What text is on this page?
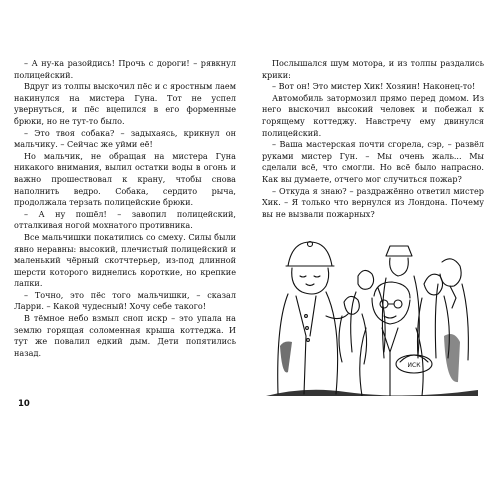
– А ну-ка разойдись! Прочь с дороги! – рявкнул полицейский.

Вдруг из толпы выскочил пёс и с яростным лаем накинулся на мистера Гуна. Тот не успел увернуться, и пёс вцепился в его форменные брюки, но не тут-то было.

– Это твоя собака? – задыхаясь, крикнул он мальчику. – Сейчас же уйми её!

Но мальчик, не обращая на мистера Гуна никакого внимания, вылил остатки воды в огонь и важно прошествовал к крану, чтобы снова наполнить ведро. Собака, сердито рыча, продолжала терзать полицейские брюки.

– А ну пошёл! – завопил полицейский, отталкивая ногой мохнатого противника.

Все мальчишки покатились со смеху. Силы были явно неравны: высокий, плечистый полицейский и маленький чёрный скотчтерьер, из-под длинной шерсти которого виднелись короткие, но крепкие лапки.

– Точно, это пёс того мальчишки, – сказал Ларри. – Какой чудесный! Хочу себе такого!

В тёмное небо взмыл сноп искр – это упала на землю горящая соломенная крыша коттеджа. И тут же повалил едкий дым. Дети попятились назад.

10

Послышался шум мотора, и из толпы раздались крики:

– Вот он! Это мистер Хик! Хозяин! Наконец-то!

Автомобиль затормозил прямо перед домом. Из него выскочил высокий человек и побежал к горящему коттеджу. Навстречу ему двинулся полицейский.

– Ваша мастерская почти сгорела, сэр, – развёл руками мистер Гун. – Мы очень жаль... Мы сделали всё, что смогли. Но всё было напрасно. Как вы думаете, отчего мог случиться пожар?

– Откуда я знаю? – раздражённо ответил мистер Хик. – Я только что вернулся из Лондона. Почему вы не вызвали пожарных?

ИСК
